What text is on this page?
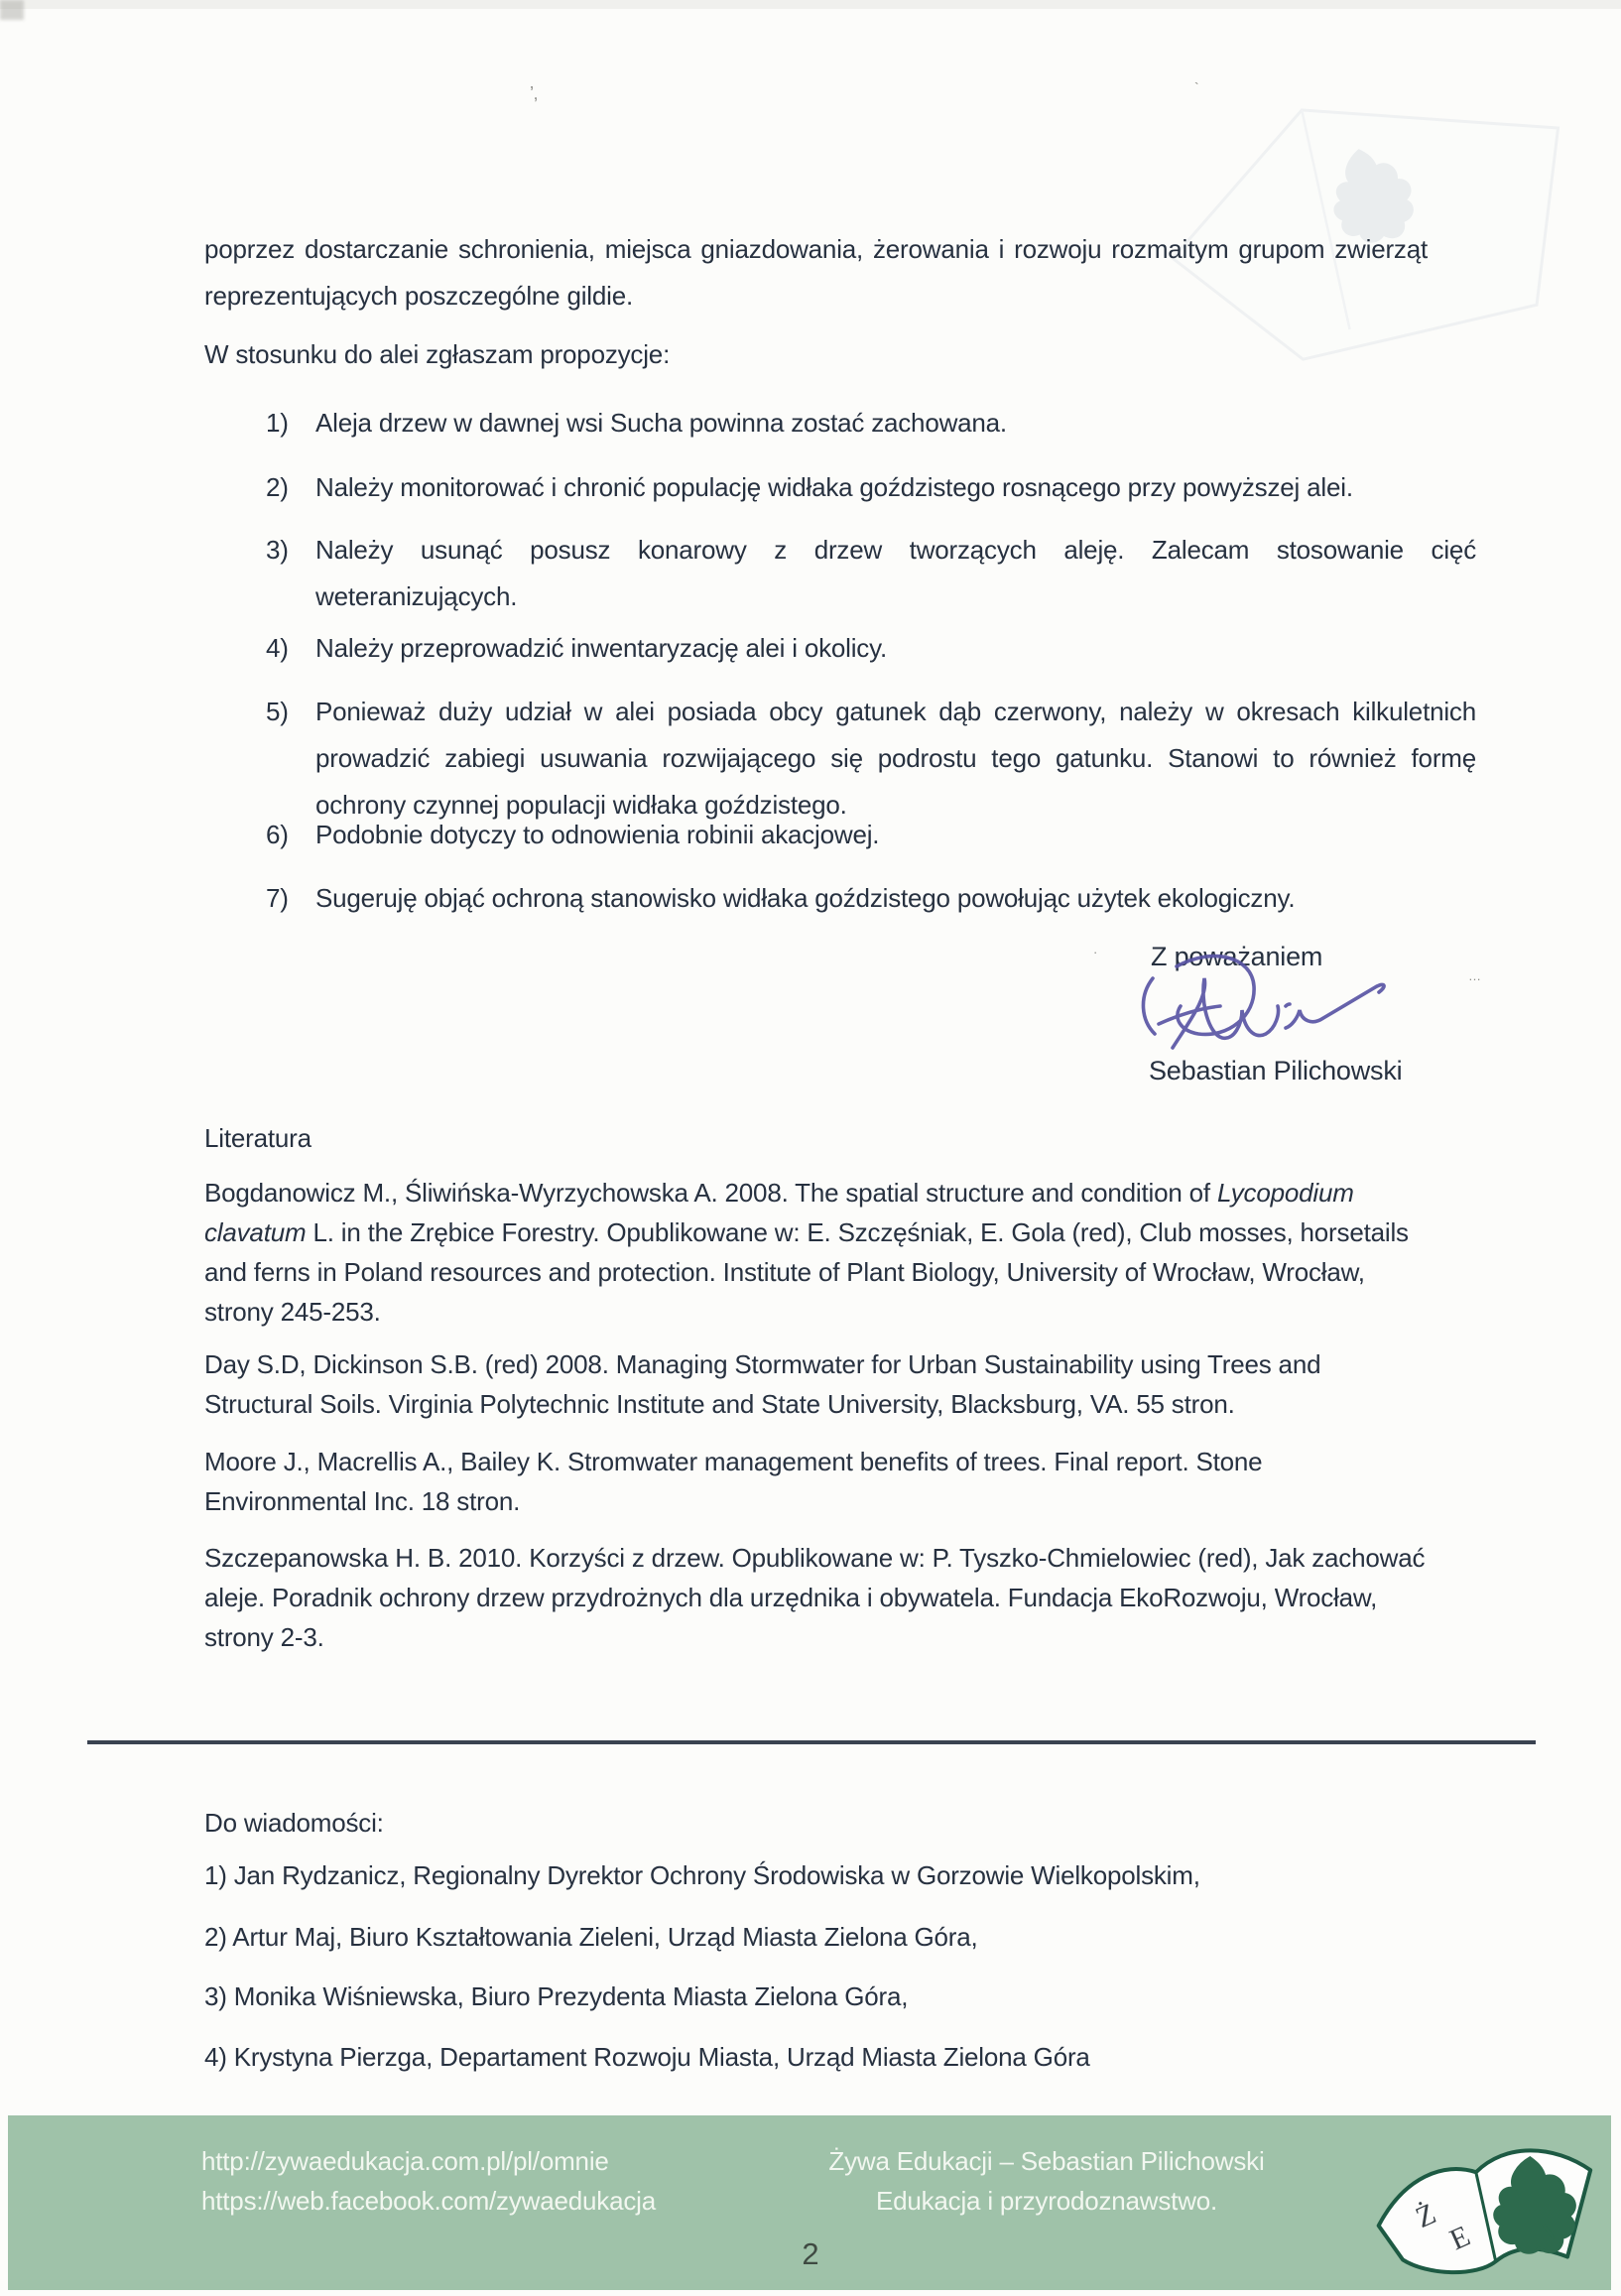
’‚	`
·
…
poprzez dostarczanie schronienia, miejsca gniazdowania, żerowania i rozwoju rozmaitym grupom zwierząt reprezentujących poszczególne gildie.
W stosunku do alei zgłaszam propozycje:
1) Aleja drzew w dawnej wsi Sucha powinna zostać zachowana.
2) Należy monitorować i chronić populację widłaka goździstego rosnącego przy powyższej alei.
3) Należy usunąć posusz konarowy z drzew tworzących aleję. Zalecam stosowanie cięć weteranizujących.
4) Należy przeprowadzić inwentaryzację alei i okolicy.
5) Ponieważ duży udział w alei posiada obcy gatunek dąb czerwony, należy w okresach kilkuletnich prowadzić zabiegi usuwania rozwijającego się podrostu tego gatunku. Stanowi to również formę ochrony czynnej populacji widłaka goździstego.
6) Podobnie dotyczy to odnowienia robinii akacjowej.
7) Sugeruję objąć ochroną stanowisko widłaka goździstego powołując użytek ekologiczny.
Z poważaniem
Sebastian Pilichowski
Literatura
Bogdanowicz M., Śliwińska-Wyrzychowska A. 2008. The spatial structure and condition of Lycopodium clavatum L. in the Zrębice Forestry. Opublikowane w: E. Szczęśniak, E. Gola (red), Club mosses, horsetails and ferns in Poland resources and protection. Institute of Plant Biology, University of Wrocław, Wrocław, strony 245-253.
Day S.D, Dickinson S.B. (red) 2008. Managing Stormwater for Urban Sustainability using Trees and Structural Soils. Virginia Polytechnic Institute and State University, Blacksburg, VA. 55 stron.
Moore J., Macrellis A., Bailey K. Stromwater management benefits of trees. Final report. Stone Environmental Inc. 18 stron.
Szczepanowska H. B. 2010. Korzyści z drzew. Opublikowane w: P. Tyszko-Chmielowiec (red), Jak zachować aleje. Poradnik ochrony drzew przydrożnych dla urzędnika i obywatela. Fundacja EkoRozwoju, Wrocław, strony 2-3.
Do wiadomości:
1) Jan Rydzanicz, Regionalny Dyrektor Ochrony Środowiska w Gorzowie Wielkopolskim,
2) Artur Maj, Biuro Kształtowania Zieleni, Urząd Miasta Zielona Góra,
3) Monika Wiśniewska, Biuro Prezydenta Miasta Zielona Góra,
4) Krystyna Pierzga, Departament Rozwoju Miasta, Urząd Miasta Zielona Góra
http://zywaedukacja.com.pl/pl/omnie
https://web.facebook.com/zywaedukacja
Żywa Edukacji – Sebastian Pilichowski
Edukacja i przyrodoznawstwo.
2
Ż
E
